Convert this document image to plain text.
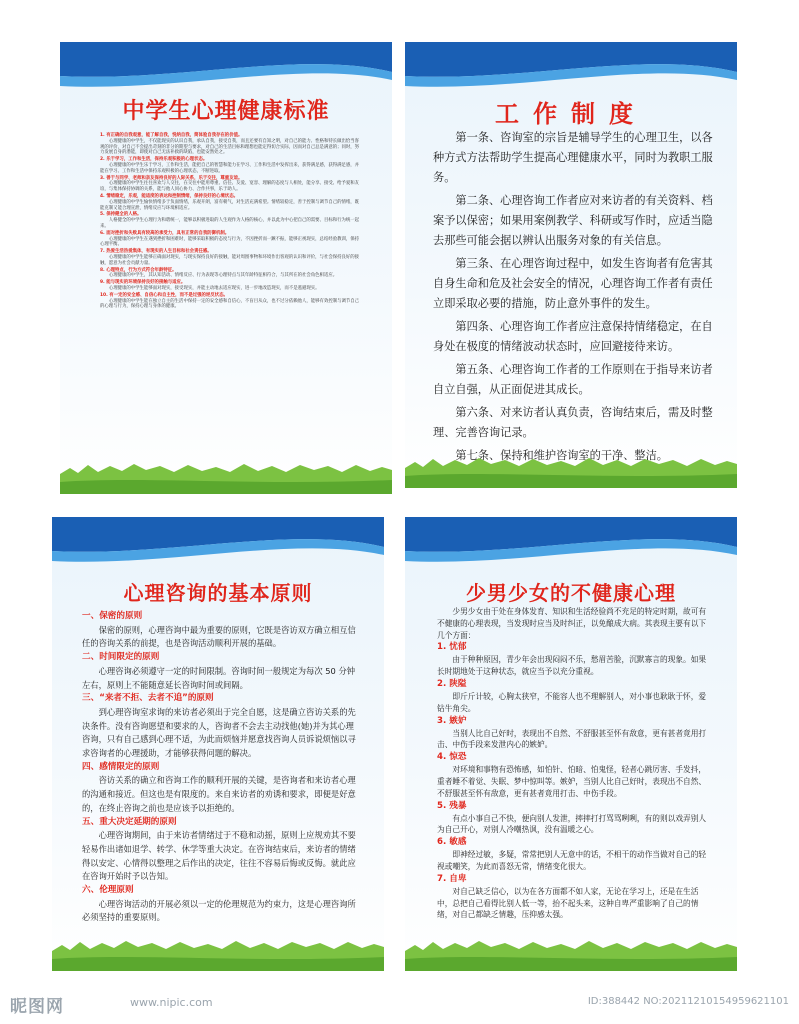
中学生心理健康标准
1. 有正确的自我观意，能了解自我，悦纳自我，简体验自我存在的价值。
心理健康的中学生，不仅能现实的认识自我，承认自我，接受自我，而且还要有自知之明，对自己的能力、性格和特长做出恰当客观的评价，对自己不会提出苛刻的非分的期望与要求，对自己的生活目标和理想也能定得切合实际，因而对自己总是满意的；同时，努力发展自身的潜能，即使对自己无法补救的缺陷，也能安然处之。
2. 乐于学习，工作和生活，保持乐观积极的心理状态。
心理健康的中学生乐于学习，工作和生活，能把自己的智慧和能力在学习、工作和生活中发挥出来，获得满足感，获得满足感，并能在学习、工作和生活中保持乐观积极的心理状态，不断进取。
3. 善于与同学、老师和亲友保持良好的人际关系，乐于交往，尊重友谊。
心理健康的中学生往往喜欢与人交往，在交往中能用尊重、信任、友爱、宽容、理解的态度与人相处，能分享、接受、给予爱和友谊，与集体保持协调的关系，能与他人同心协力、合作共事，乐于助人。
4. 情绪稳定，乐观，能适度的表达和控制情绪，保持良好的心境状态。
心理健康的中学生愉快情绪多于负面情绪，乐观开朗，富有朝气，对生活充满希望。情绪较稳定，善于控制与调节自己的情绪，既能克制又能合理宣泄，情绪反应与环境相适应。
5. 保持健全的人格。
人格健全的中学生心理行为和谐统一，能够以积极进取的人生观作为人格的核心，并以此为中心把自己的需要、目标和行为统一起来。
6. 面对挫折和失败具有较高的承受力，具有正常的自我防御机制。
心理健康的中学生在遇到挫折和困难时，能够采取积极的态度与行为，不因挫折而一蹶不振，能够正视现实，总结经验教训，保持心理平衡。
7. 热爱生活热爱集体，有现实的人生目标和社会责任感。
心理健康的中学生能够正确面对现实，与现实保持良好的接触，能对周围事物和环境作出客观的认识和评价，与社会保持良好的接触，愿意为社会贡献力量。
8. 心理特点，行为方式符合年龄特征。
心理健康的中学生，其认知活动、情绪反应、行为表现等心理特点与其年龄特征相符合，与其所在的社会角色相适应。
9. 能与现实的环境保持良好的接触与适应。
心理健康的中学生能够面对现实，接受现实，并能主动地去适应现实，进一步地改造现实，而不是逃避现实。
10. 有一定的安全感、自信心和自主性，而不是过强的逆反状态。
心理健康的中学生能在独立自主的生活中保持一定的安全感和自信心，不盲目从众，也不过分依赖他人，能够有效控制与调节自己的心理与行为，保持心理与身体的健康。
工作制度
第一条、咨询室的宗旨是辅导学生的心理卫生，以各种方式方法帮助学生提高心理健康水平，同时为教职工服务。
第二条、心理咨询工作者应对来访者的有关资料、档案予以保密；如果用案例教学、科研或写作时，应适当隐去那些可能会据以辨认出服务对象的有关信息。
第三条、在心理咨询过程中，如发生咨询者有危害其自身生命和危及社会安全的情况，心理咨询工作者有责任立即采取必要的措施，防止意外事件的发生。
第四条、心理咨询工作者应注意保持情绪稳定，在自身处在极度的情绪波动状态时，应回避接待来访。
第五条、心理咨询工作者的工作原则在于指导来访者自立自强，从正面促进其成长。
第六条、对来访者认真负责，咨询结束后，需及时整理、完善咨询记录。
第七条、保持和维护咨询室的干净、整洁。
心理咨询的基本原则
一、保密的原则
保密的原则，心理咨询中最为重要的原则，它既是咨访双方确立相互信任的咨询关系的前提，也是咨询活动顺利开展的基础。
二、时间限定的原则
心理咨询必须遵守一定的时间限制。咨询时间一般规定为每次 50 分钟左右，原则上不能随意延长咨询时间或间隔。
三、“来者不拒、去者不追”的原则
到心理咨询室求询的来访者必须出于完全自愿，这是确立咨访关系的先决条件。没有咨询愿望和要求的人，咨询者不会去主动找他(她)并为其心理咨询，只有自己感到心理不适，为此而烦恼并愿意找咨询人员诉说烦恼以寻求咨询者的心理援助，才能够获得问题的解决。
四、感情限定的原则
咨访关系的确立和咨询工作的顺利开展的关键，是咨询者和来访者心理的沟通和接近。但这也是有限度的。来自来访者的劝诱和要求，即便是好意的，在终止咨询之前也是应该予以拒绝的。
五、重大决定延期的原则
心理咨询期间，由于来访者情绪过于不稳和动摇，原则上应规劝其不要轻易作出诸如退学、转学、休学等重大决定。在咨询结束后，来访者的情绪得以安定、心情得以整理之后作出的决定，往往不容易后悔或反悔。就此应在咨询开始时予以告知。
六、伦理原则
心理咨询活动的开展必须以一定的伦理规范为约束力，这是心理咨询所必须坚持的重要原则。
少男少女的不健康心理
少男少女由于处在身体发育、知识和生活经验尚不充足的特定时期，故可有不健康的心理表现，当发现时应当及时纠正，以免酿成大病。其表现主要有以下几个方面：
1. 忧郁
由于种种原因，青少年会出现闷闷不乐，愁眉苦脸，沉默寡言的现象。如果长时期地处于这种状态，就应当予以充分重视。
2. 陕隘
即斤斤计较，心胸太狭窄，不能容人也不理解别人，对小事也耿耿于怀，爱钻牛角尖。
3. 嫉妒
当别人比自己好时，表现出不自然、不舒服甚至怀有敌意，更有甚者竟用打击、中伤手段来发泄内心的嫉妒。
4. 惊恐
对环境和事物有恐怖感，如怕针、怕暗、怕鬼怪，轻者心跳厉害、手发抖，重者睡不着觉、失眠、梦中惊叫等。嫉妒，当别人比自己好时，表现出不自然、不舒服甚至怀有敌意，更有甚者竟用打击、中伤手段。
5. 残暴
有点小事自己不快，便向别人发泄，摔摔打打骂骂咧咧，有的则以戏弄别人为自己开心，对别人冷嘲热讽，没有温暖之心。
6. 敏感
即神经过敏，多疑，常常把别人无意中的话，不相干的动作当做对自己的轻视或嘲笑，为此而喜怒无常，情绪变化很大。
7. 自卑
对自己缺乏信心，以为在各方面都不如人家，无论在学习上，还是在生活中，总把自己看得比别人低一等，抬不起头来，这种自卑严重影响了自己的情绪，对自己都缺乏情趣，压抑感太强。
昵图网	www.nipic.com	ID:388442 NO:20211210154959621101
